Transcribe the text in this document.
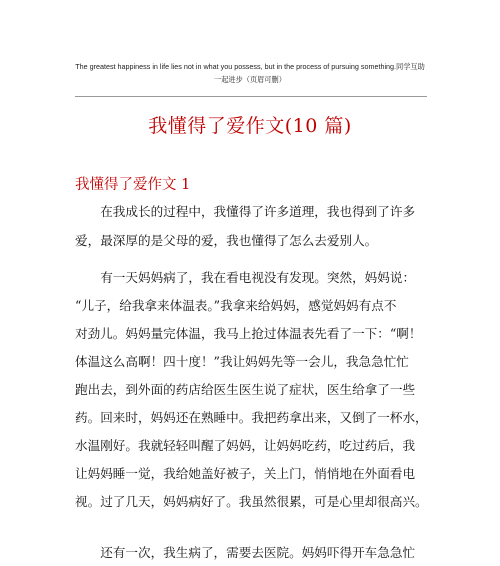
The greatest happiness in life lies not in what you possess, but in the process of pursuing something.同学互助
一起进步（页眉可删）
我懂得了爱作文(10 篇)
我懂得了爱作文 1
　　在我成长的过程中，我懂得了许多道理，我也得到了许多
爱，最深厚的是父母的爱，我也懂得了怎么去爱别人。
　　有一天妈妈病了，我在看电视没有发现。突然，妈妈说：
“儿子，给我拿来体温表。”我拿来给妈妈，感觉妈妈有点不
对劲儿。妈妈量完体温，我马上抢过体温表先看了一下：“啊！
体温这么高啊！四十度！”我让妈妈先等一会儿，我急急忙忙
跑出去，到外面的药店给医生医生说了症状，医生给拿了一些
药。回来时，妈妈还在熟睡中。我把药拿出来，又倒了一杯水，
水温刚好。我就轻轻叫醒了妈妈，让妈妈吃药，吃过药后，我
让妈妈睡一觉，我给她盖好被子，关上门，悄悄地在外面看电
视。过了几天，妈妈病好了。我虽然很累，可是心里却很高兴。
　　还有一次，我生病了，需要去医院。妈妈吓得开车急急忙
